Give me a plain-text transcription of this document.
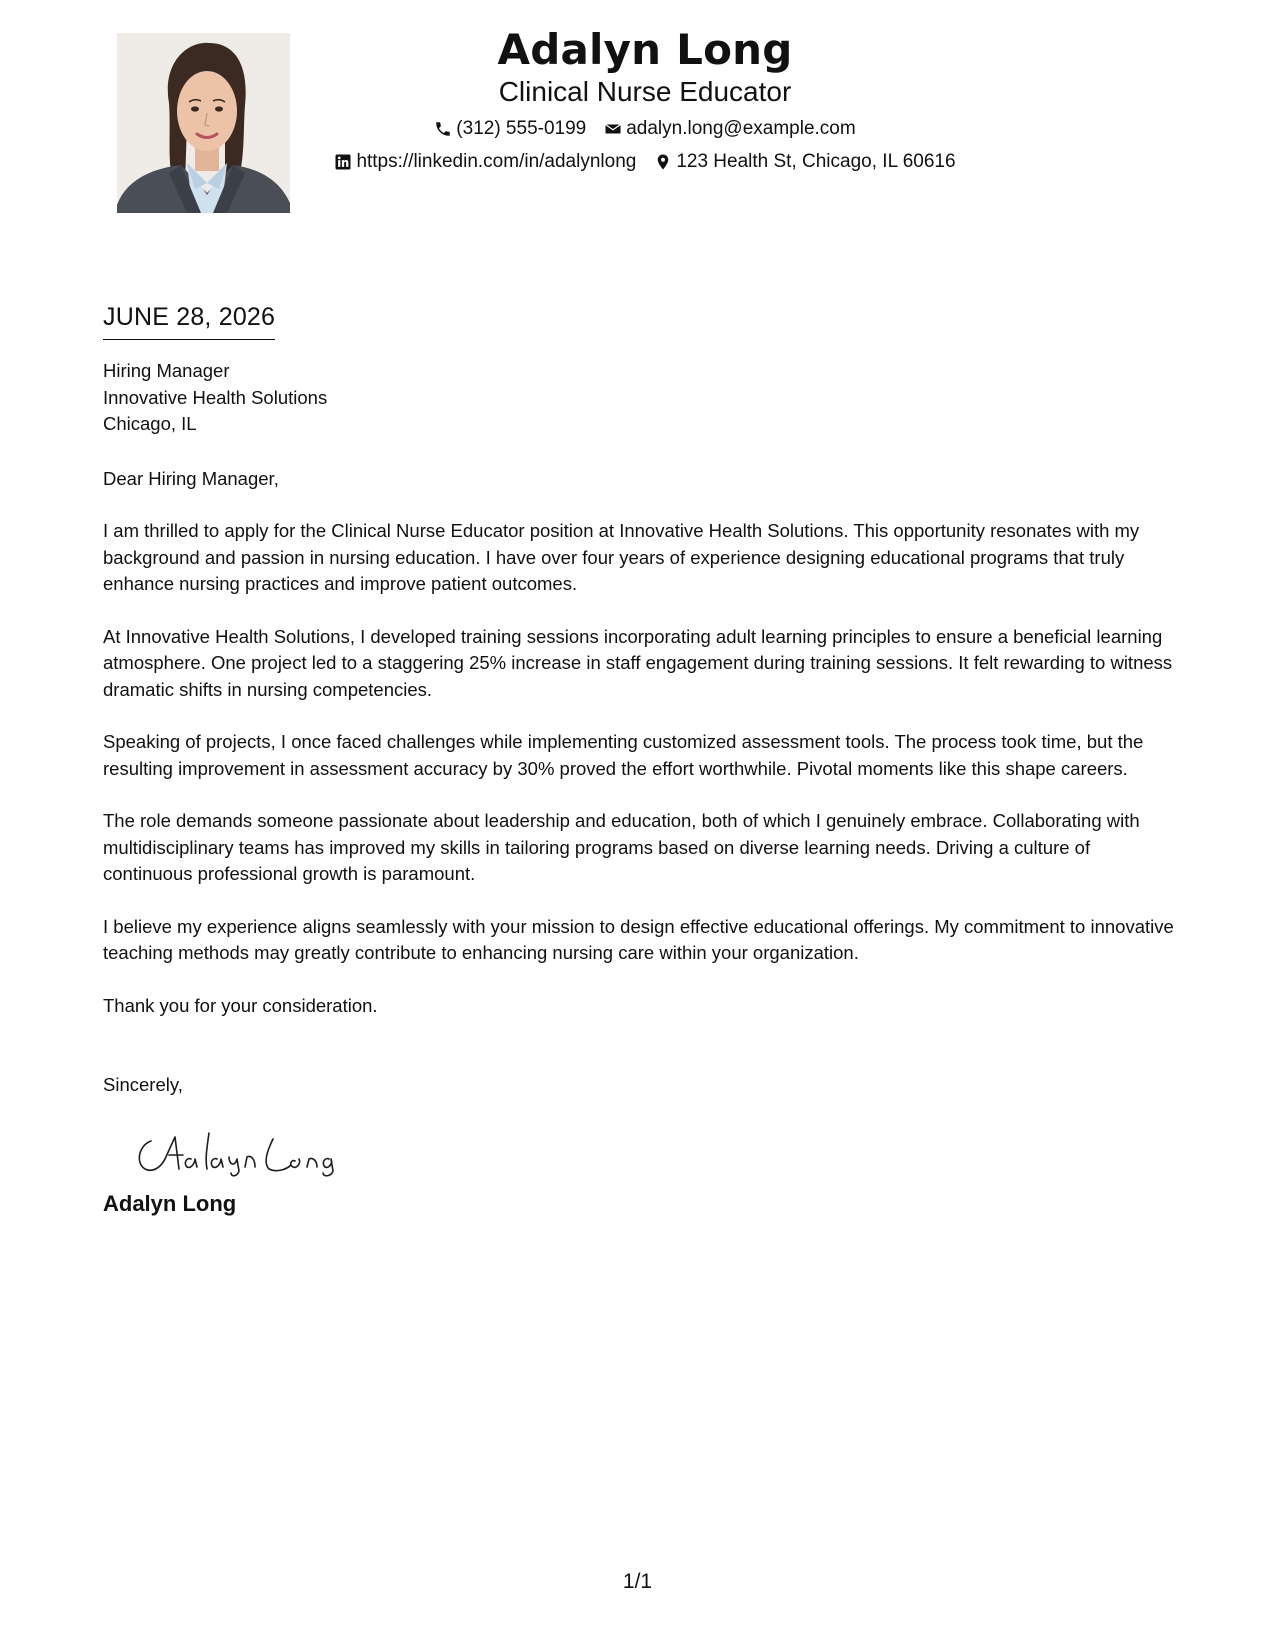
Adalyn Long
Clinical Nurse Educator
(312) 555-0199 adalyn.long@example.com
https://linkedin.com/in/adalynlong 123 Health St, Chicago, IL 60616
JUNE 28, 2026
Hiring Manager
Innovative Health Solutions
Chicago, IL

Dear Hiring Manager,

I am thrilled to apply for the Clinical Nurse Educator position at Innovative Health Solutions. This opportunity resonates with my background and passion in nursing education. I have over four years of experience designing educational programs that truly enhance nursing practices and improve patient outcomes.

At Innovative Health Solutions, I developed training sessions incorporating adult learning principles to ensure a beneficial learning atmosphere. One project led to a staggering 25% increase in staff engagement during training sessions. It felt rewarding to witness dramatic shifts in nursing competencies.

Speaking of projects, I once faced challenges while implementing customized assessment tools. The process took time, but the resulting improvement in assessment accuracy by 30% proved the effort worthwhile. Pivotal moments like this shape careers.

The role demands someone passionate about leadership and education, both of which I genuinely embrace. Collaborating with multidisciplinary teams has improved my skills in tailoring programs based on diverse learning needs. Driving a culture of continuous professional growth is paramount.

I believe my experience aligns seamlessly with your mission to design effective educational offerings. My commitment to innovative teaching methods may greatly contribute to enhancing nursing care within your organization.

Thank you for your consideration.

Sincerely,

Adalyn Long
1/1
